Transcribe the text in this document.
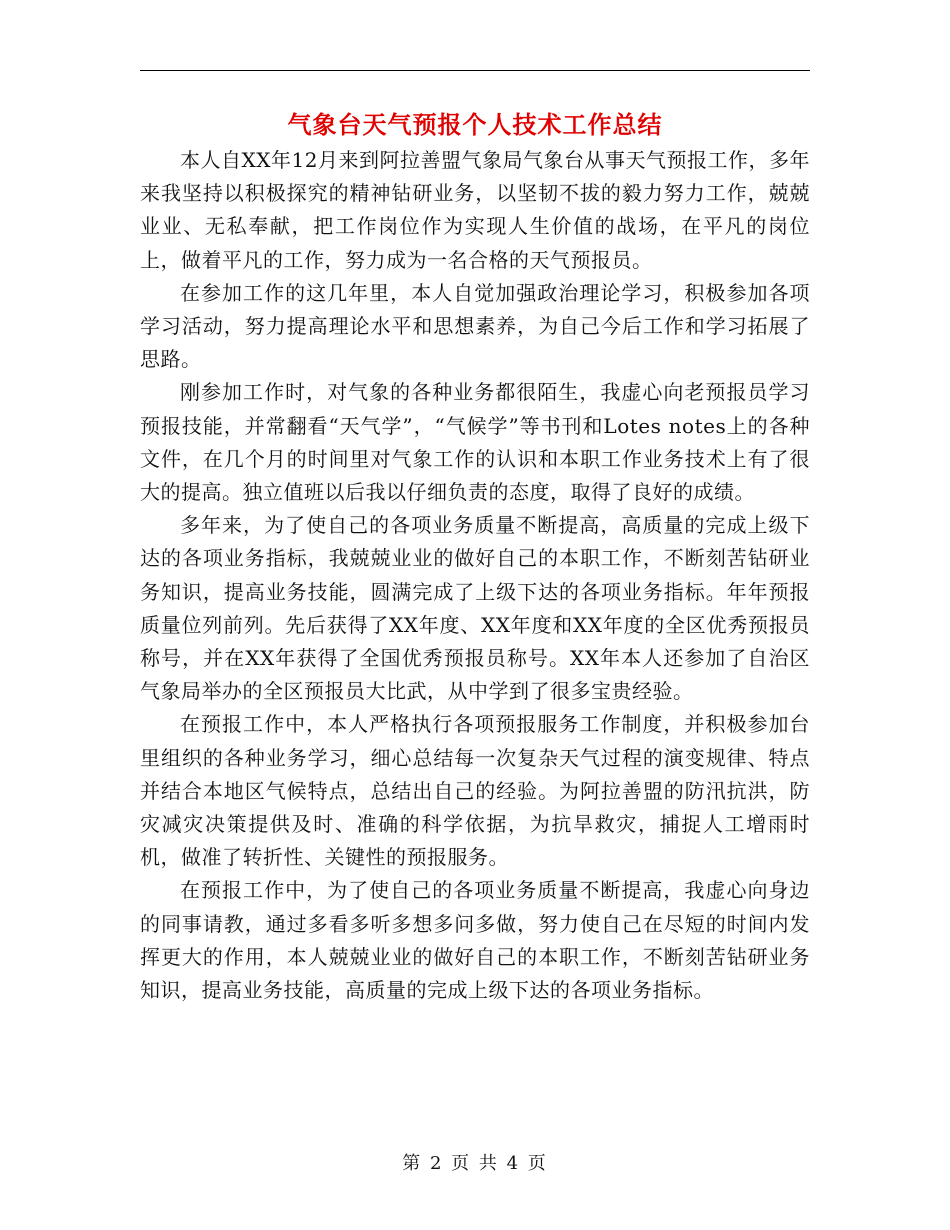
气象台天气预报个人技术工作总结

本人自XX年12月来到阿拉善盟气象局气象台从事天气预报工作，多年来我坚持以积极探究的精神钻研业务，以坚韧不拔的毅力努力工作，兢兢业业、无私奉献，把工作岗位作为实现人生价值的战场，在平凡的岗位上，做着平凡的工作，努力成为一名合格的天气预报员。

在参加工作的这几年里，本人自觉加强政治理论学习，积极参加各项学习活动，努力提高理论水平和思想素养，为自己今后工作和学习拓展了思路。

刚参加工作时，对气象的各种业务都很陌生，我虚心向老预报员学习预报技能，并常翻看“天气学”，“气候学”等书刊和Lotes notes上的各种文件，在几个月的时间里对气象工作的认识和本职工作业务技术上有了很大的提高。独立值班以后我以仔细负责的态度，取得了良好的成绩。

多年来，为了使自己的各项业务质量不断提高，高质量的完成上级下达的各项业务指标，我兢兢业业的做好自己的本职工作，不断刻苦钻研业务知识，提高业务技能，圆满完成了上级下达的各项业务指标。年年预报质量位列前列。先后获得了XX年度、XX年度和XX年度的全区优秀预报员称号，并在XX年获得了全国优秀预报员称号。XX年本人还参加了自治区气象局举办的全区预报员大比武，从中学到了很多宝贵经验。

在预报工作中，本人严格执行各项预报服务工作制度，并积极参加台里组织的各种业务学习，细心总结每一次复杂天气过程的演变规律、特点并结合本地区气候特点，总结出自己的经验。为阿拉善盟的防汛抗洪，防灾减灾决策提供及时、准确的科学依据，为抗旱救灾，捕捉人工增雨时机，做准了转折性、关键性的预报服务。

在预报工作中，为了使自己的各项业务质量不断提高，我虚心向身边的同事请教，通过多看多听多想多问多做，努力使自己在尽短的时间内发挥更大的作用，本人兢兢业业的做好自己的本职工作，不断刻苦钻研业务知识，提高业务技能，高质量的完成上级下达的各项业务指标。

第 2 页 共 4 页
